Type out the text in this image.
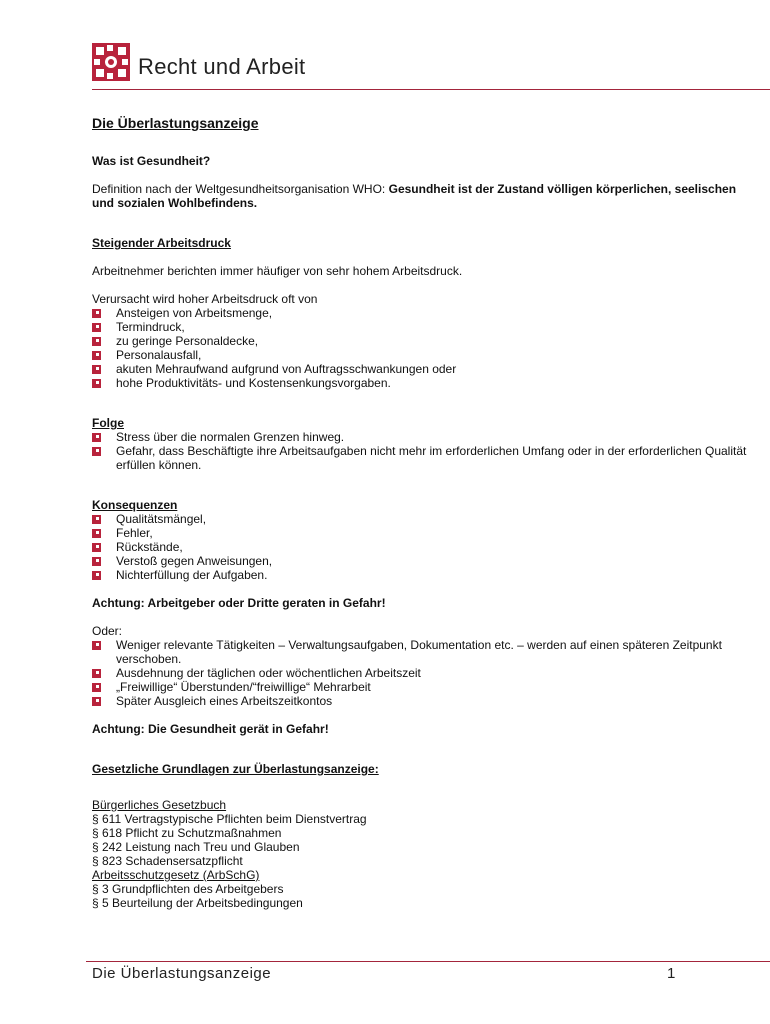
Recht und Arbeit
Die Überlastungsanzeige

Was ist Gesundheit?

Definition nach der Weltgesundheitsorganisation WHO: Gesundheit ist der Zustand völligen körperlichen, seelischen und sozialen Wohlbefindens.

Steigender Arbeitsdruck

Arbeitnehmer berichten immer häufiger von sehr hohem Arbeitsdruck.

Verursacht wird hoher Arbeitsdruck oft von

Ansteigen von Arbeitsmenge,
Termindruck,
zu geringe Personaldecke,
Personalausfall,
akuten Mehraufwand aufgrund von Auftragsschwankungen oder
hohe Produktivitäts- und Kostensenkungsvorgaben.

Folge

Stress über die normalen Grenzen hinweg.
Gefahr, dass Beschäftigte ihre Arbeitsaufgaben nicht mehr im erforderlichen Umfang oder in der erforderlichen Qualität erfüllen können.

Konsequenzen

Qualitätsmängel,
Fehler,
Rückstände,
Verstoß gegen Anweisungen,
Nichterfüllung der Aufgaben.

Achtung: Arbeitgeber oder Dritte geraten in Gefahr!

Oder:

Weniger relevante Tätigkeiten – Verwaltungsaufgaben, Dokumentation etc. – werden auf einen späteren Zeitpunkt verschoben.
Ausdehnung der täglichen oder wöchentlichen Arbeitszeit
„Freiwillige“ Überstunden/“freiwillige“ Mehrarbeit
Später Ausgleich eines Arbeitszeitkontos

Achtung: Die Gesundheit gerät in Gefahr!

Gesetzliche Grundlagen zur Überlastungsanzeige:

Bürgerliches Gesetzbuch

§ 611 Vertragstypische Pflichten beim Dienstvertrag

§ 618 Pflicht zu Schutzmaßnahmen

§ 242 Leistung nach Treu und Glauben

§ 823 Schadensersatzpflicht

Arbeitsschutzgesetz (ArbSchG)

§ 3 Grundpflichten des Arbeitgebers

§ 5 Beurteilung der Arbeitsbedingungen

Die Überlastungsanzeige	1
